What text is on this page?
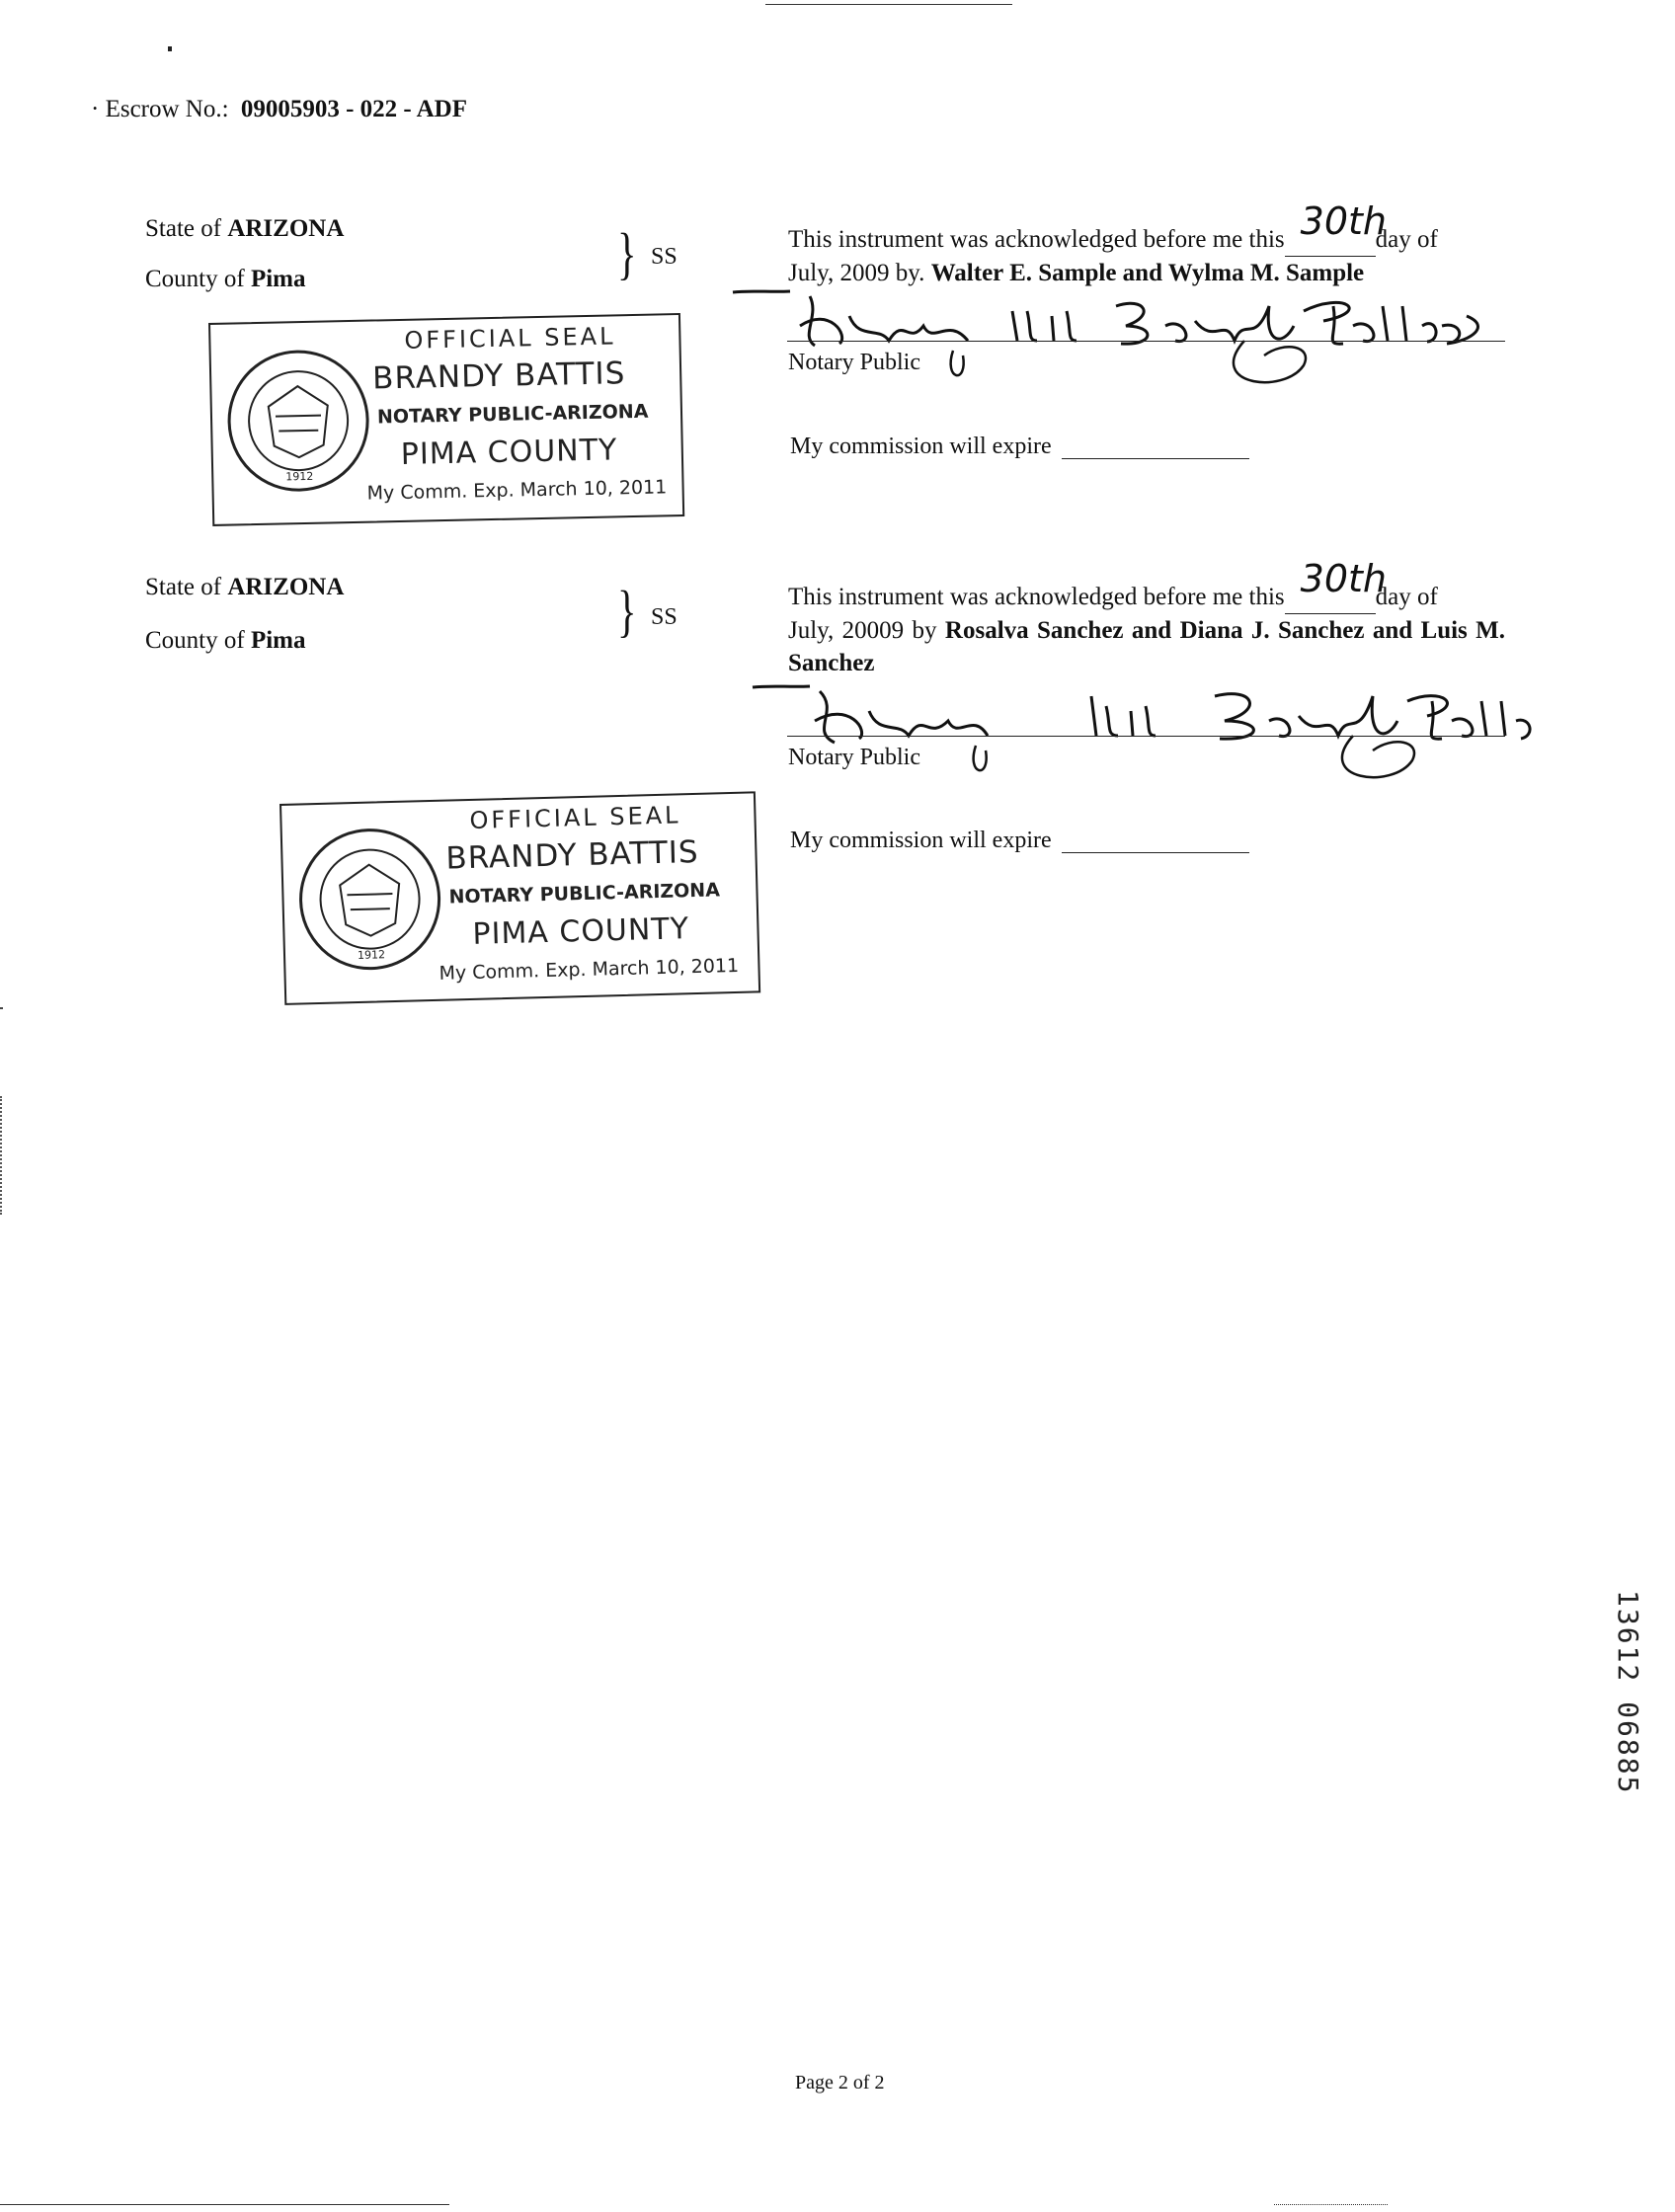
· Escrow No.: 09005903 - 022 - ADF
State of ARIZONA
County of Pima	} SS
This instrument was acknowledged before me this 30th
day of
July, 2009 by. Walter E. Sample and Wylma M. Sample
Notary Public
My commission will expire
1912
OFFICIAL SEAL
BRANDY BATTIS
NOTARY PUBLIC-ARIZONA
PIMA COUNTY
My Comm. Exp. March 10, 2011
State of ARIZONA
County of Pima	} SS
This instrument was acknowledged before me this 30th
day of
July, 20009 by Rosalva Sanchez and Diana J. Sanchez and Luis M. Sanchez
Notary Public
My commission will expire
1912
OFFICIAL SEAL
BRANDY BATTIS
NOTARY PUBLIC-ARIZONA
PIMA COUNTY
My Comm. Exp. March 10, 2011
13612 06885
Page 2 of 2
